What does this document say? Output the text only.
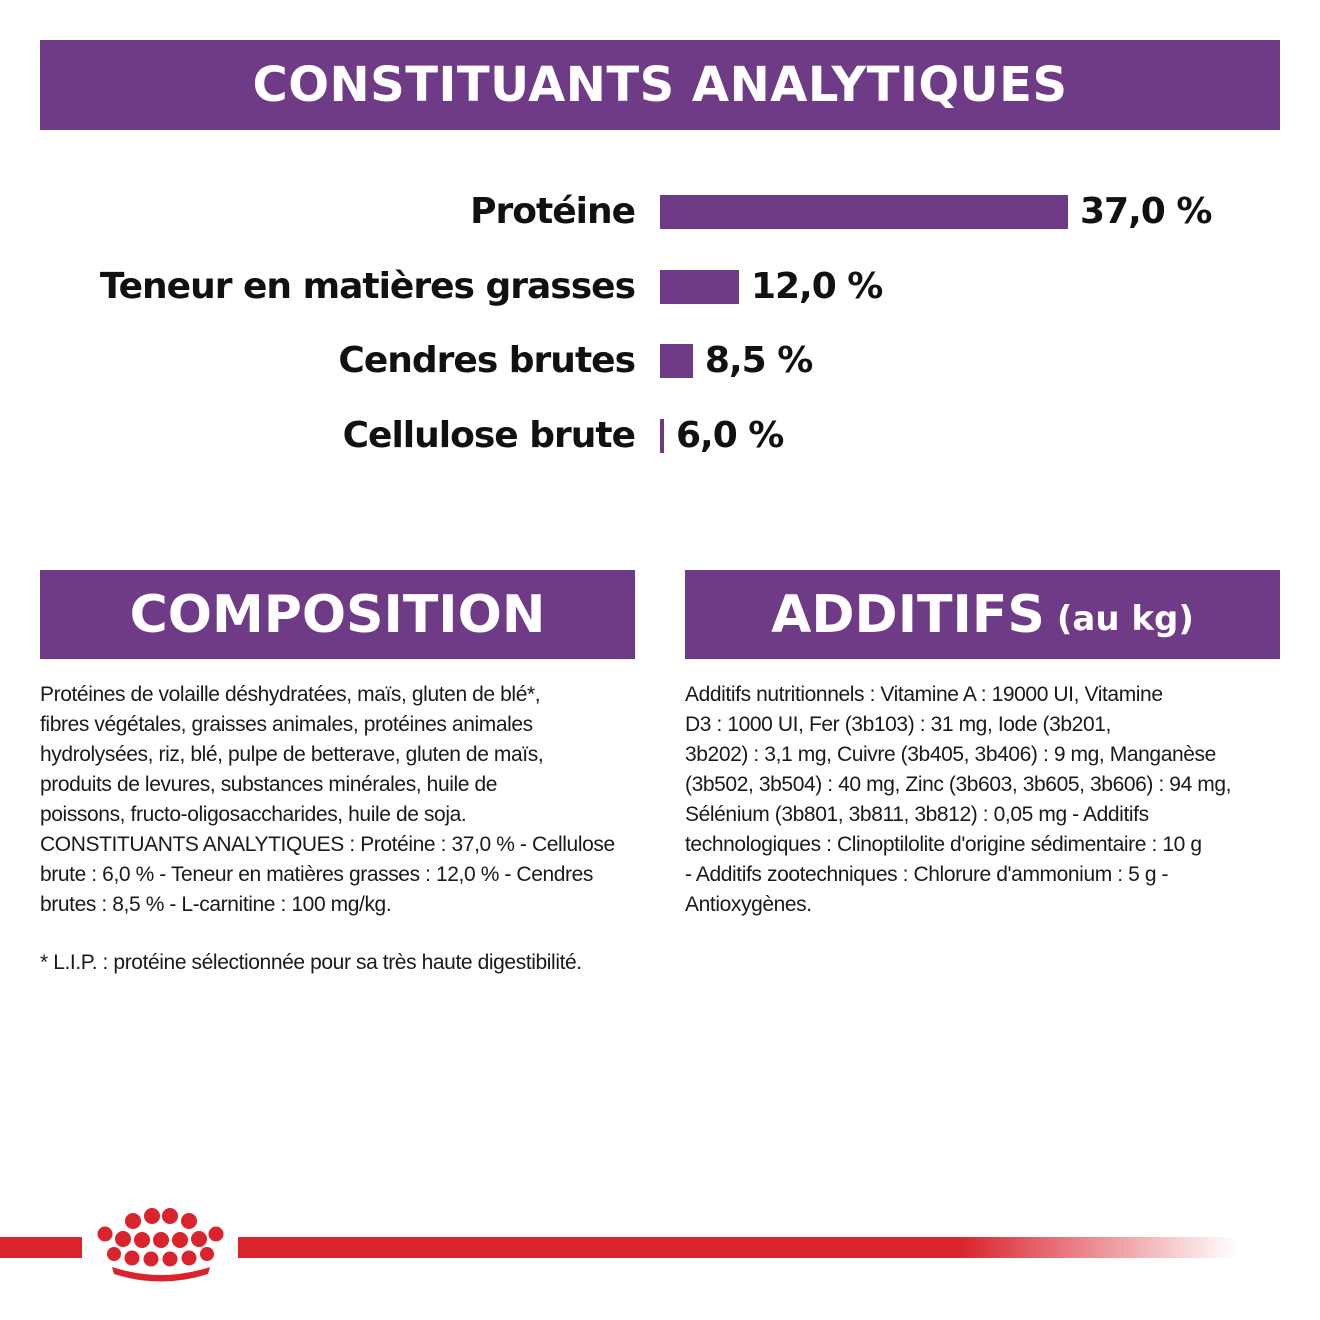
CONSTITUANTS ANALYTIQUES
Protéine	37,0 %
Teneur en matières grasses	12,0 %
Cendres brutes 8,5 %
Cellulose brute 6,0 %
COMPOSITION
Protéines de volaille déshydratées, maïs, gluten de blé*,
fibres végétales, graisses animales, protéines animales
hydrolysées, riz, blé, pulpe de betterave, gluten de maïs,
produits de levures, substances minérales, huile de
poissons, fructo-oligosaccharides, huile de soja.
CONSTITUANTS ANALYTIQUES : Protéine : 37,0 % - Cellulose
brute : 6,0 % - Teneur en matières grasses : 12,0 % - Cendres
brutes : 8,5 % - L-carnitine : 100 mg/kg.
* L.I.P. : protéine sélectionnée pour sa très haute digestibilité.
ADDITIFS (au kg)
Additifs nutritionnels : Vitamine A : 19000 UI, Vitamine
D3 : 1000 UI, Fer (3b103) : 31 mg, Iode (3b201,
3b202) : 3,1 mg, Cuivre (3b405, 3b406) : 9 mg, Manganèse
(3b502, 3b504) : 40 mg, Zinc (3b603, 3b605, 3b606) : 94 mg,
Sélénium (3b801, 3b811, 3b812) : 0,05 mg - Additifs
technologiques : Clinoptilolite d'origine sédimentaire : 10 g
- Additifs zootechniques : Chlorure d'ammonium : 5 g -
Antioxygènes.
